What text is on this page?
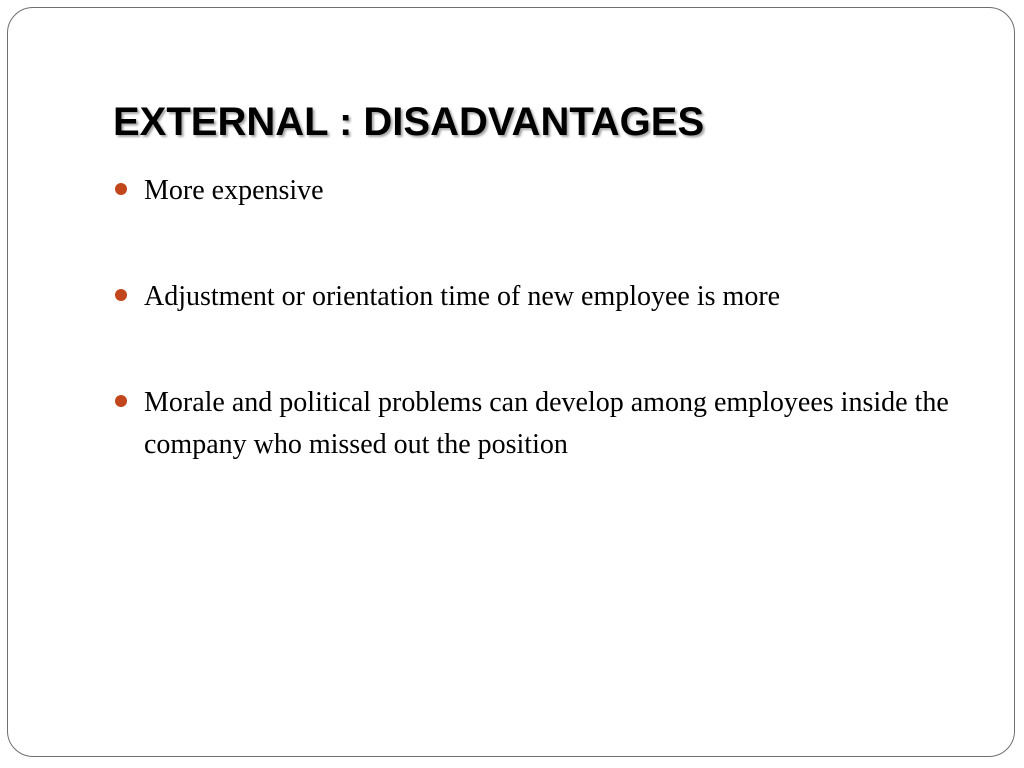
EXTERNAL : DISADVANTAGES
More expensive
Adjustment or orientation time of new employee is more
Morale and political problems can develop among employees inside the company who missed out the position
